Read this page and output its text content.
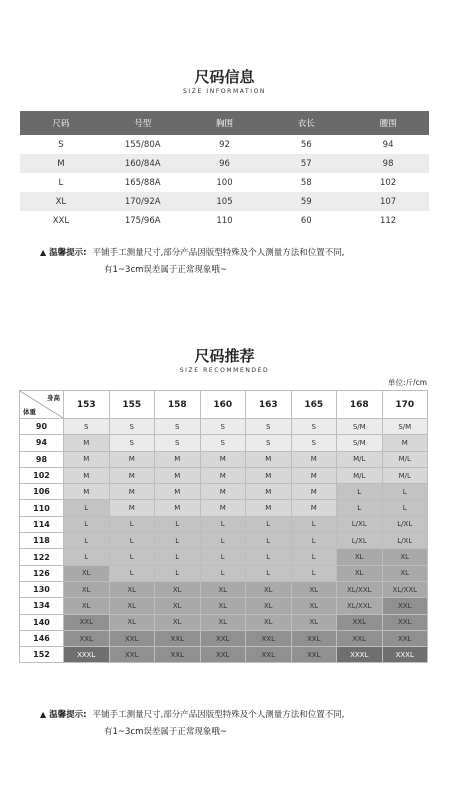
尺码信息
SIZE INFORMATION
尺码	号型	胸围	衣长	腰围
S	155/80A	92	56	94
M	160/84A	96	57	98
L	165/88A	100	58	102
XL	170/92A	105	59	107
XXL	175/96A	110	60	112
▲ 温馨提示: 平铺手工测量尺寸,部分产品因版型特殊及个人测量方法和位置不同,
有1~3cm误差属于正常现象哦~
尺码推荐
SIZE RECOMMENDED
单位:斤/cm
身高
体重	153	155	158	160	163	165	168	170
90	S	S	S	S	S	S	S/M	S/M
94	M	S	S	S	S	S	S/M	M
98	M	M	M	M	M	M	M/L	M/L
102	M	M	M	M	M	M	M/L	M/L
106	M	M	M	M	M	M	L	L
110	L	M	M	M	M	M	L	L
114	L	L	L	L	L	L	L/XL	L/XL
118	L	L	L	L	L	L	L/XL	L/XL
122	L	L	L	L	L	L	XL	XL
126	XL	L	L	L	L	L	XL	XL
130	XL	XL	XL	XL	XL	XL	XL/XXL	XL/XXL
134	XL	XL	XL	XL	XL	XL	XL/XXL	XXL
140	XXL	XL	XL	XL	XL	XL	XXL	XXL
146	XXL	XXL	XXL	XXL	XXL	XXL	XXL	XXL
152	XXXL	XXL	XXL	XXL	XXL	XXL	XXXL	XXXL
▲ 温馨提示: 平铺手工测量尺寸,部分产品因版型特殊及个人测量方法和位置不同,
有1~3cm误差属于正常现象哦~
